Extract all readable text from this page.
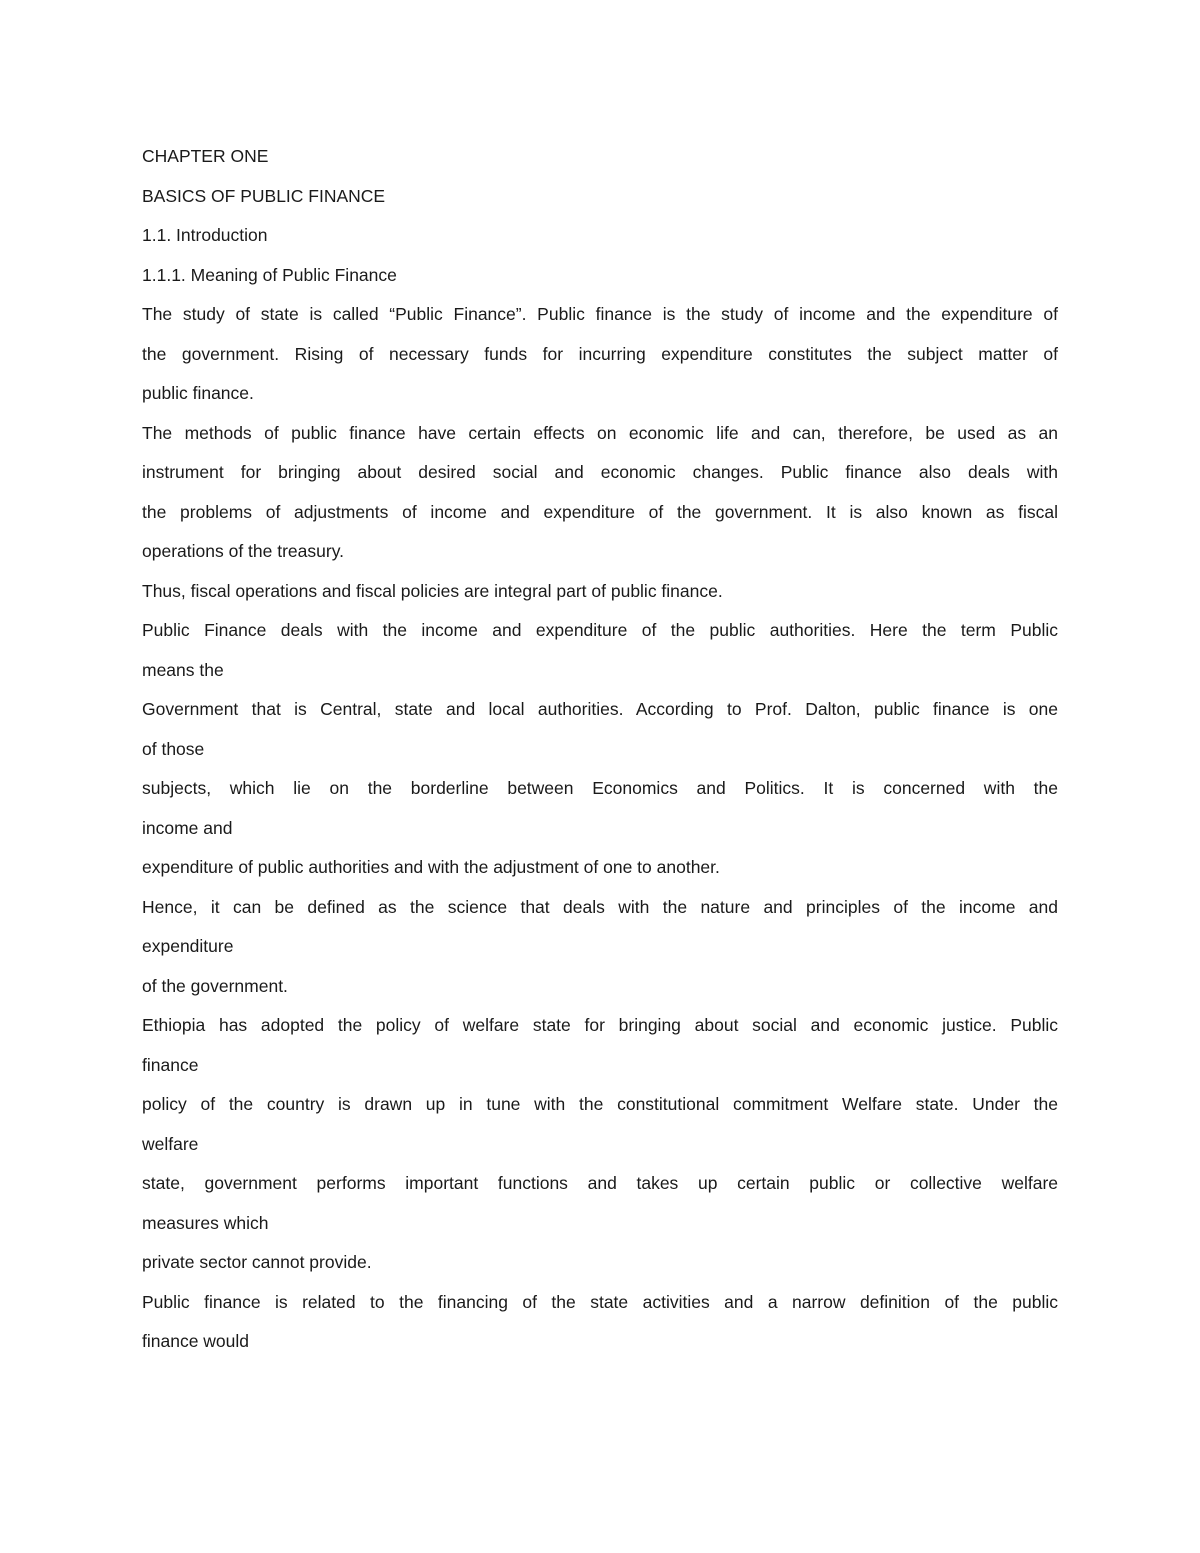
CHAPTER ONE
BASICS OF PUBLIC FINANCE
1.1. Introduction
1.1.1. Meaning of Public Finance
The study of state is called “Public Finance”. Public finance is the study of income and the expenditure of
the government. Rising of necessary funds for incurring expenditure constitutes the subject matter of
public finance.
The methods of public finance have certain effects on economic life and can, therefore, be used as an
instrument for bringing about desired social and economic changes. Public finance also deals with
the problems of adjustments of income and expenditure of the government. It is also known as fiscal
operations of the treasury.
Thus, fiscal operations and fiscal policies are integral part of public finance.
Public Finance deals with the income and expenditure of the public authorities. Here the term Public
means the
Government that is Central, state and local authorities. According to Prof. Dalton, public finance is one
of those
subjects, which lie on the borderline between Economics and Politics. It is concerned with the
income and
expenditure of public authorities and with the adjustment of one to another.
Hence, it can be defined as the science that deals with the nature and principles of the income and
expenditure
of the government.
Ethiopia has adopted the policy of welfare state for bringing about social and economic justice. Public
finance
policy of the country is drawn up in tune with the constitutional commitment Welfare state. Under the
welfare
state, government performs important functions and takes up certain public or collective welfare
measures which
private sector cannot provide.
Public finance is related to the financing of the state activities and a narrow definition of the public
finance would
